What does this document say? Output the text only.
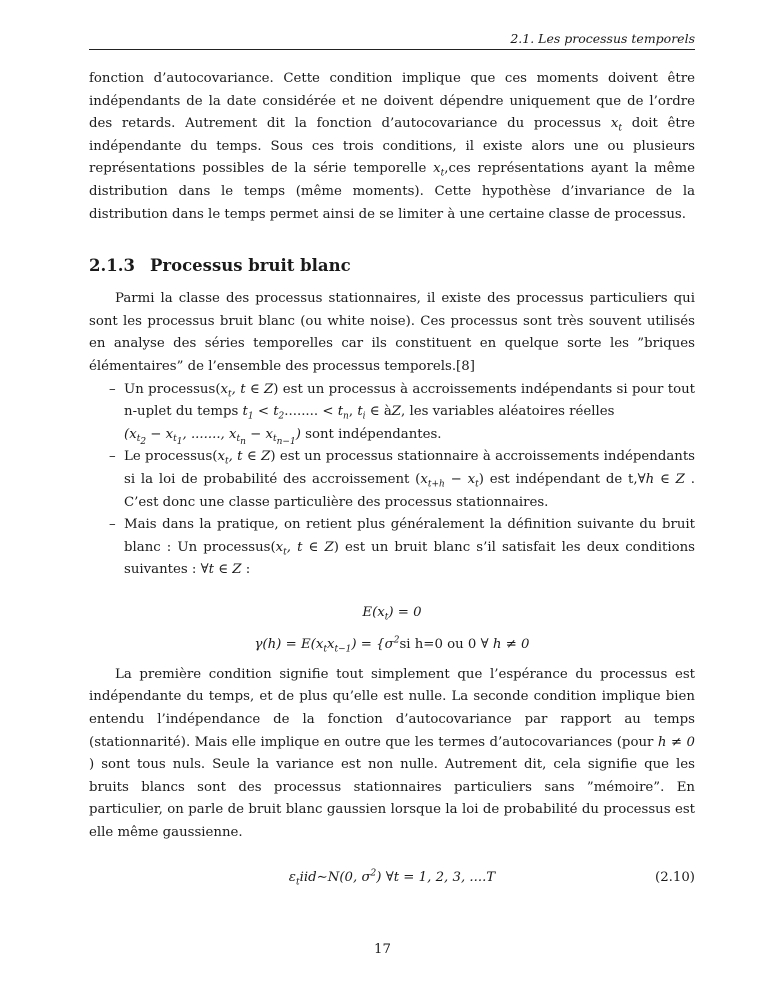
2.1. Les processus temporels

fonction d’autocovariance. Cette condition implique que ces moments doivent être indépendants de la date considérée et ne doivent dépendre uniquement que de l’ordre des retards. Autrement dit la fonction d’autocovariance du processus $x_t$ doit être indépendante du temps. Sous ces trois conditions, il existe alors une ou plusieurs représentations possibles de la série temporelle $x_t,ces$ représentations ayant la même distribution dans le temps (même moments). Cette hypothèse d’invariance de la distribution dans le temps permet ainsi de se limiter à une certaine classe de processus.

2.1.3 Processus bruit blanc

Parmi la classe des processus stationnaires, il existe des processus particuliers qui sont les processus bruit blanc (ou white noise). Ces processus sont très souvent utilisés en analyse des séries temporelles car ils constituent en quelque sorte les ”briques élémentaires” de l’ensemble des processus temporels.[8]

– Un $processus(x_t$, t ∈ Z) est un processus à accroissements indépendants si pour tout n-uplet du temps $t_1 < t_2$........ < $t_n$, $t_i$ ∈ àZ, les variables aléatoires réelles
($x_{t_2} - x_{t_1}$, ......., $x_{t_n} - x_{t_{n-1}}$) sont indépendantes.
– Le $processus(x_t$, t ∈ Z) est un processus stationnaire à accroissements indépendants si la loi de probabilité des accroissement $(x_{t+h} - x_t)$ est indépendant de t,∀h ∈ Z . C’est donc une classe particulière des processus stationnaires.
– Mais dans la pratique, on retient plus généralement la définition suivante du bruit blanc : Un $processus(x_t$, t ∈ Z) est un bruit blanc s’il satisfait les deux conditions suivantes : ∀t ∈ Z :
$E(x_t) = 0$
$\gamma(h) = E(x_tx_{t-1}) = \{\sigma^2si$ h=0 ou 0 ∀ h ≠ 0

La première condition signifie tout simplement que l’espérance du processus est indépendante du temps, et de plus qu’elle est nulle. La seconde condition implique bien entendu l’indépendance de la fonction d’autocovariance par rapport au temps (stationnarité). Mais elle implique en outre que les termes d’autocovariances (pour h ≠ 0 ) sont tous nuls. Seule la variance est non nulle. Autrement dit, cela signifie que les bruits blancs sont des processus stationnaires particuliers sans ”mémoire”. En particulier, on parle de bruit blanc gaussien lorsque la loi de probabilité du processus est elle même gaussienne.

$\varepsilon_tiid\sim N(0$, $\sigma^2$) ∀t = 1, 2, 3, ....T	(2.10)
17
